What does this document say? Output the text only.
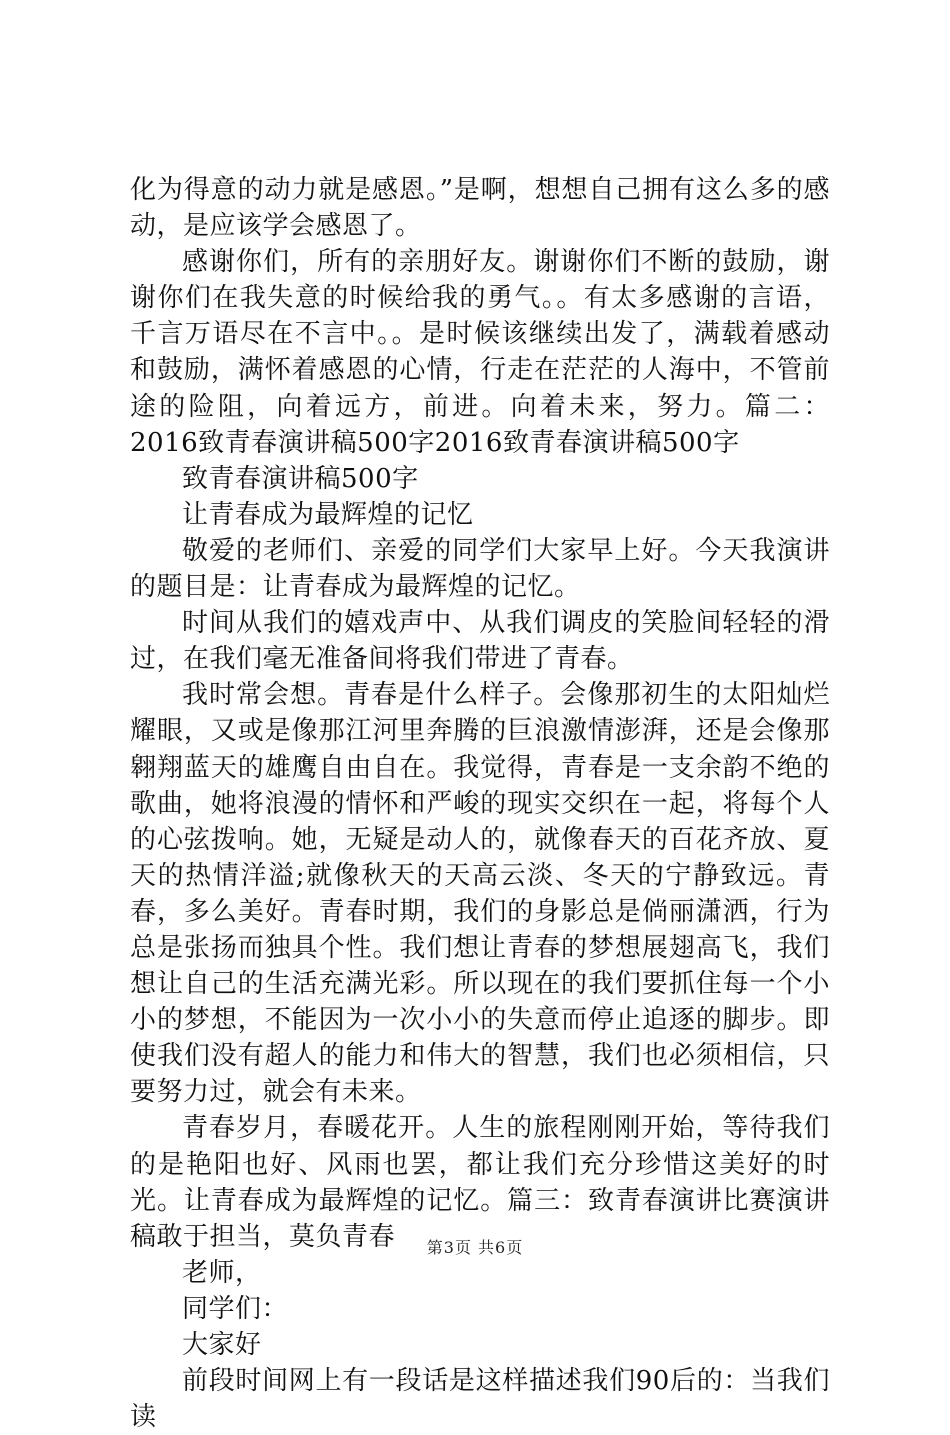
化为得意的动力就是感恩。”是啊，想想自己拥有这么多的感动，是应该学会感恩了。

感谢你们，所有的亲朋好友。谢谢你们不断的鼓励，谢谢你们在我失意的时候给我的勇气。。有太多感谢的言语，千言万语尽在不言中。。是时候该继续出发了，满载着感动和鼓励，满怀着感恩的心情，行走在茫茫的人海中，不管前途的险阻，向着远方，前进。向着未来，努力。篇二：2016致青春演讲稿500字2016致青春演讲稿500字

致青春演讲稿500字

让青春成为最辉煌的记忆

敬爱的老师们、亲爱的同学们大家早上好。今天我演讲的题目是：让青春成为最辉煌的记忆。

时间从我们的嬉戏声中、从我们调皮的笑脸间轻轻的滑过，在我们毫无准备间将我们带进了青春。

我时常会想。青春是什么样子。会像那初生的太阳灿烂耀眼，又或是像那江河里奔腾的巨浪激情澎湃，还是会像那翱翔蓝天的雄鹰自由自在。我觉得，青春是一支余韵不绝的歌曲，她将浪漫的情怀和严峻的现实交织在一起，将每个人的心弦拨响。她，无疑是动人的，就像春天的百花齐放、夏天的热情洋溢;就像秋天的天高云淡、冬天的宁静致远。青春，多么美好。青春时期，我们的身影总是倘丽潇洒，行为总是张扬而独具个性。我们想让青春的梦想展翅高飞，我们想让自己的生活充满光彩。所以现在的我们要抓住每一个小小的梦想，不能因为一次小小的失意而停止追逐的脚步。即使我们没有超人的能力和伟大的智慧，我们也必须相信，只要努力过，就会有未来。

青春岁月，春暖花开。人生的旅程刚刚开始，等待我们的是艳阳也好、风雨也罢，都让我们充分珍惜这美好的时光。让青春成为最辉煌的记忆。篇三：致青春演讲比赛演讲稿敢于担当，莫负青春

老师，

同学们：

大家好

前段时间网上有一段话是这样描述我们90后的：当我们读

第3页 共6页
